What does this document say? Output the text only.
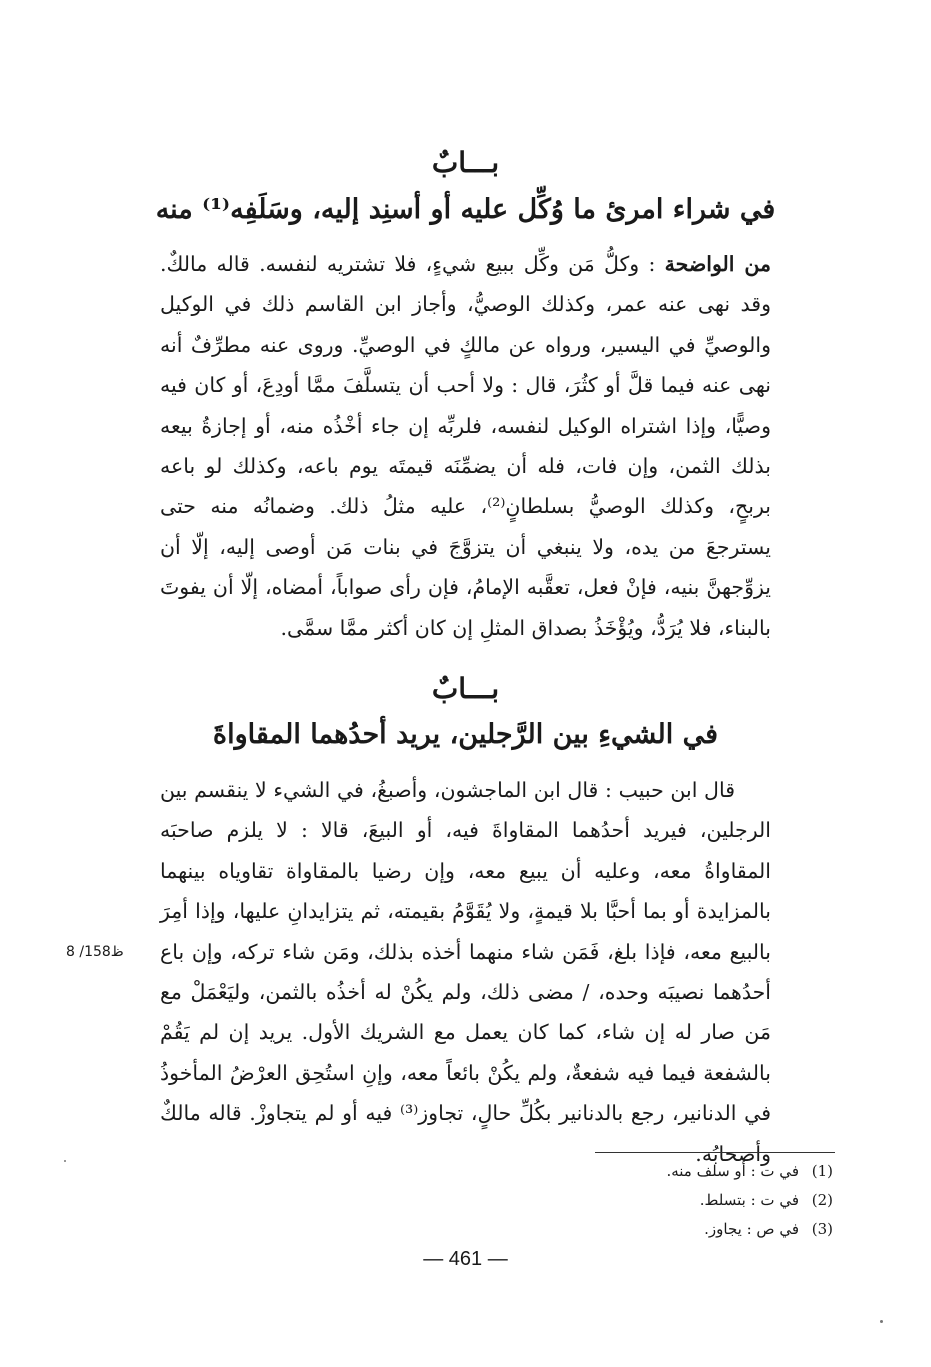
بـــابٌ
في شراء امرئ ما وُكِّل عليه أو أسنِد إليه، وسَلَفِه⁽¹⁾ منه

من الواضحة : وكلُّ مَن وكِّل ببيع شيءٍ، فلا تشتريه لنفسه. قاله مالكٌ. وقد نهى عنه عمر، وكذلك الوصيُّ، وأجاز ابن القاسم ذلك في الوكيل والوصيِّ في اليسير، ورواه عن مالكٍ في الوصيِّ. وروى عنه مطرِّفٌ أنه نهى عنه فيما قلَّ أو كثُرَ، قال : ولا أحب أن يتسلَّفَ ممَّا أودِعَ، أو كان فيه وصيًّا، وإذا اشتراه الوكيل لنفسه، فلربِّه إن جاء أخْذُه منه، أو إجازةُ بيعه بذلك الثمن، وإن فات، فله أن يضمِّنَه قيمتَه يوم باعه، وكذلك لو باعه بربحٍ، وكذلك الوصيُّ بسلطانٍ⁽²⁾، عليه مثلُ ذلك. وضمانُه منه حتى يسترجعَ من يده، ولا ينبغي أن يتزوَّجَ في بنات مَن أوصى إليه، إلّا أن يزوِّجهنَّ بنيه، فإنْ فعل، تعقَّبه الإمامُ، فإن رأى صواباً، أمضاه، إلّا أن يفوتَ بالبناء، فلا يُرَدُّ، ويُؤْخَذُ بصداق المثلِ إن كان أكثر ممَّا سمَّى.

بـــابٌ
في الشيءِ بين الرَّجلين، يريد أحدُهما المقاواةَ

قال ابن حبيب : قال ابن الماجشون، وأصبغُ، في الشيء لا ينقسم بين الرجلين، فيريد أحدُهما المقاواةَ فيه، أو البيعَ، قالا : لا يلزم صاحبَه المقاواةُ معه، وعليه أن يبيع معه، وإن رضيا بالمقاواة تقاوياه بينهما بالمزايدة أو بما أحبَّا بلا قيمةٍ، ولا يُقَوَّمُ بقيمته، ثم يتزايدانِ عليها، وإذا أمِرَ بالبيع معه، فإذا بلغ، فَمَن شاء منهما أخذه بذلك، ومَن شاء تركه، وإن باع أحدُهما نصيبَه وحده، / مضى ذلك، ولم يكُنْ له أخذُه بالثمن، وليَعْمَلْ مع مَن صار له إن شاء، كما كان يعمل مع الشريك الأول. يريد إن لم يَقُمْ بالشفعة فيما فيه شفعةٌ، ولم يكُنْ بائعاً معه، وإنِ استُحِق العرْضُ المأخوذُ في الدنانير، رجع بالدنانير بكُلِّ حالٍ، تجاوز⁽³⁾ فيه أو لم يتجاوزْ. قاله مالكٌ وأصحابُه.

8 /158ظ
(1)
في ت : أو سلف منه.
(2)
في ت : بتسلط.
(3)
في ص : يجاوز.
— 461 —
